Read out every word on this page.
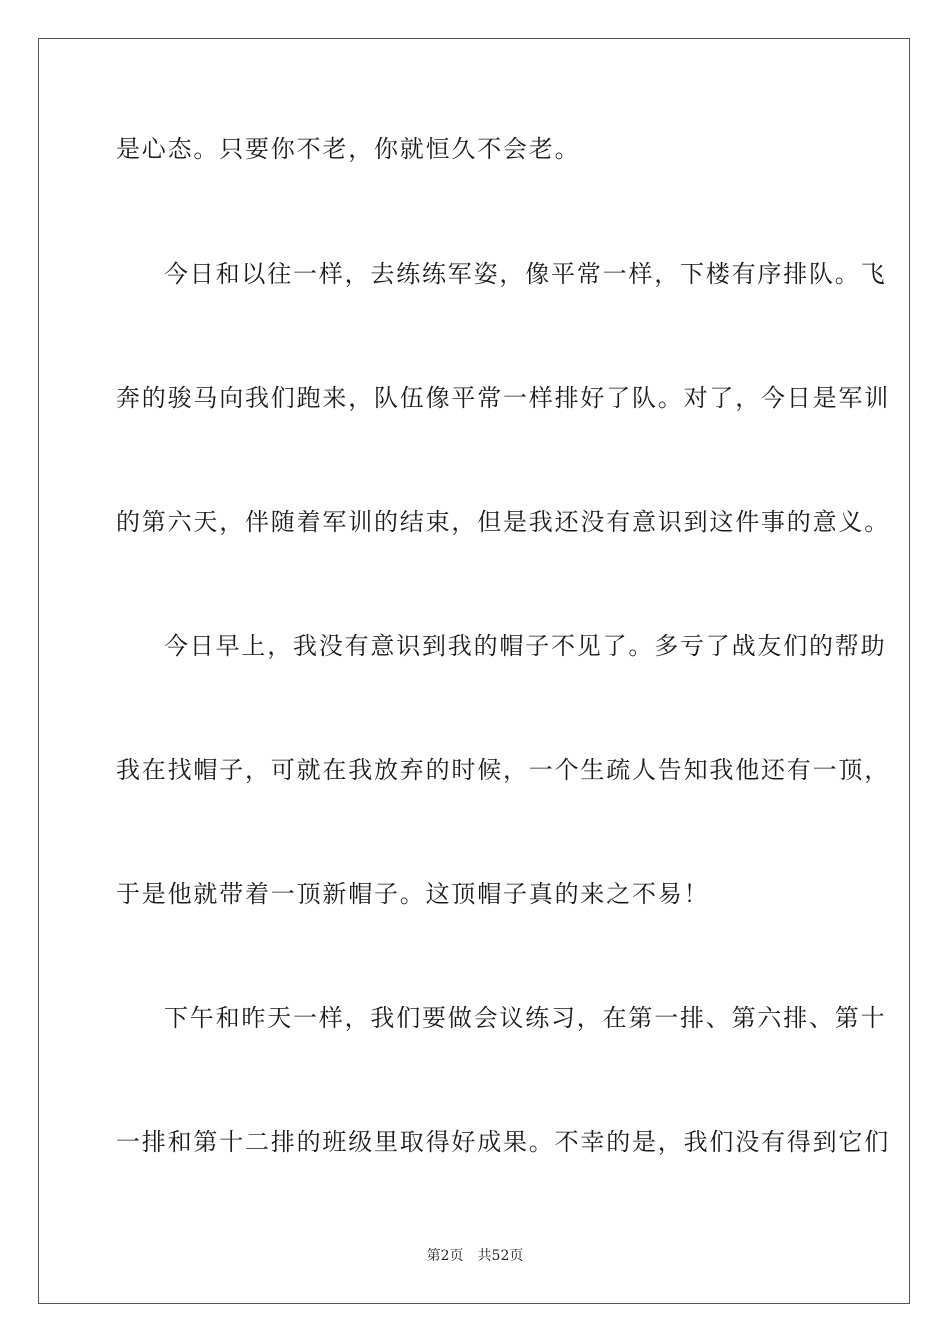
是心态。只要你不老，你就恒久不会老。
今日和以往一样，去练练军姿，像平常一样，下楼有序排队。飞
奔的骏马向我们跑来，队伍像平常一样排好了队。对了，今日是军训
的第六天，伴随着军训的结束，但是我还没有意识到这件事的意义。
今日早上，我没有意识到我的帽子不见了。多亏了战友们的帮助
我在找帽子，可就在我放弃的时候，一个生疏人告知我他还有一顶，
于是他就带着一顶新帽子。这顶帽子真的来之不易！
下午和昨天一样，我们要做会议练习，在第一排、第六排、第十
一排和第十二排的班级里取得好成果。不幸的是，我们没有得到它们
第2页 共52页
